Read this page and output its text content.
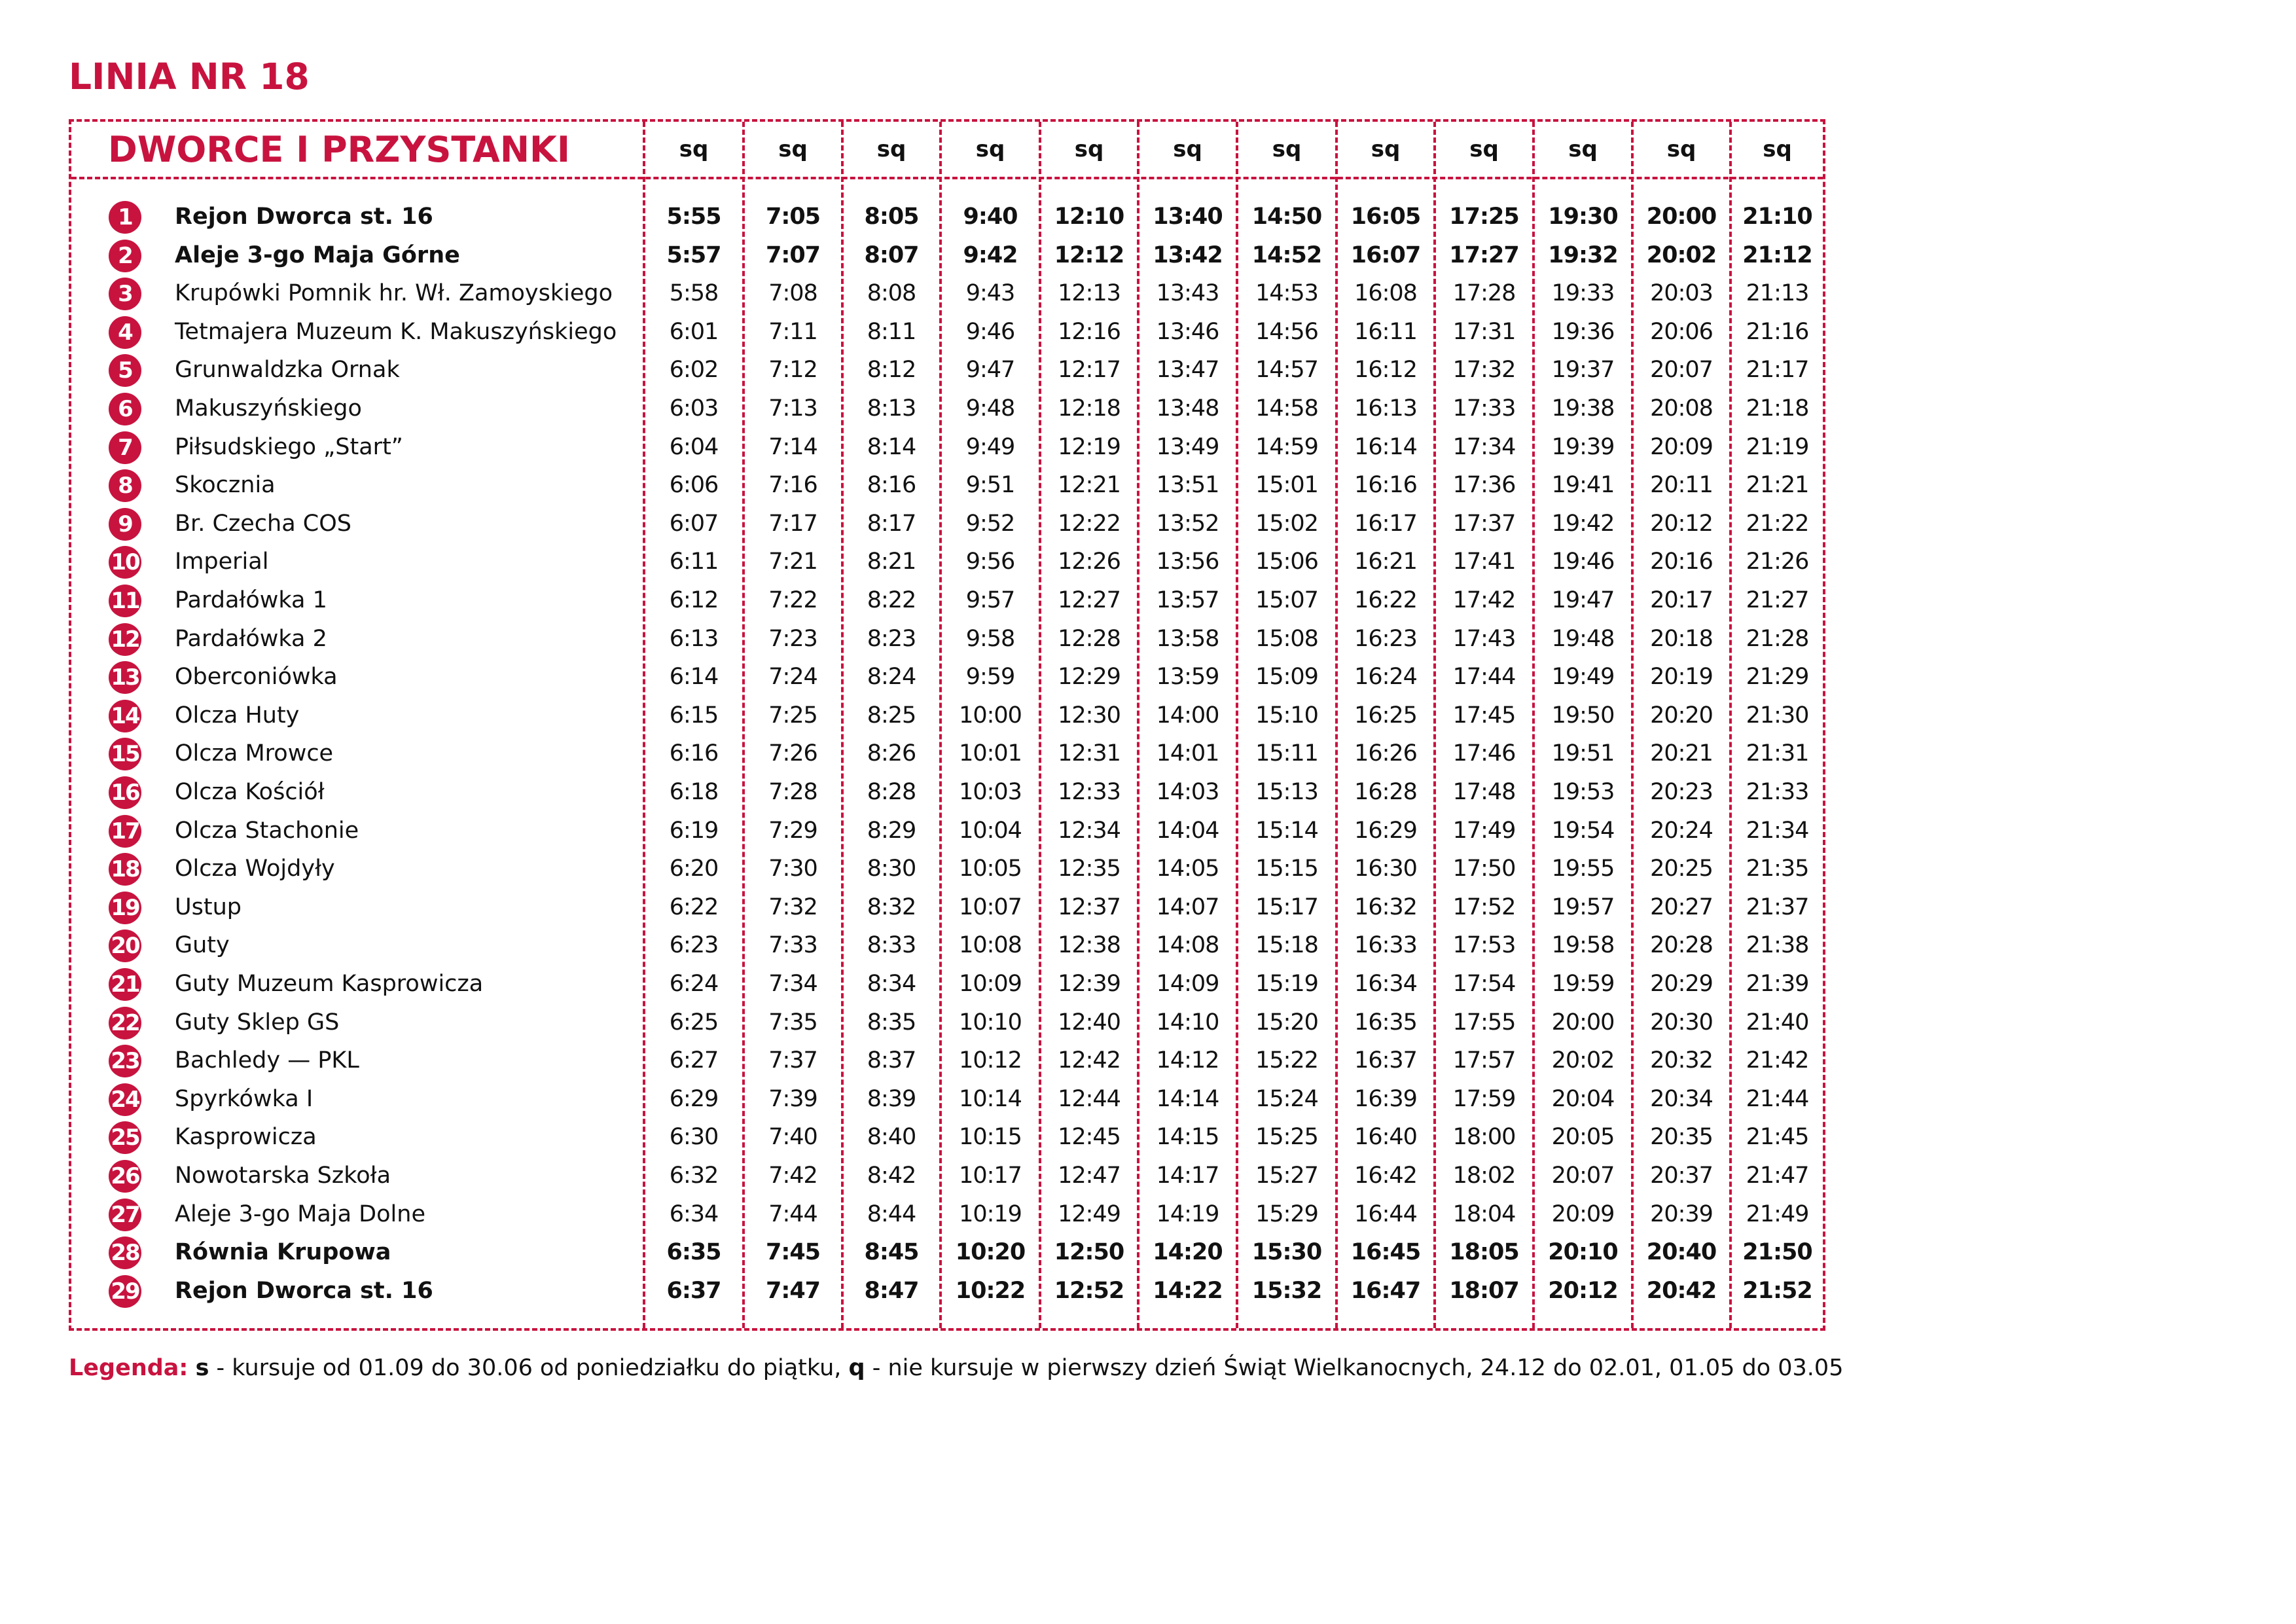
LINIA NR 18
DWORCE I PRZYSTANKI	sq	sq	sq	sq	sq	sq	sq	sq	sq	sq	sq	sq
1	Rejon Dworca st. 16	5:55	7:05	8:05	9:40	12:10	13:40	14:50	16:05	17:25	19:30	20:00	21:10
2	Aleje 3-go Maja Górne	5:57	7:07	8:07	9:42	12:12	13:42	14:52	16:07	17:27	19:32	20:02	21:12
3	Krupówki Pomnik hr. Wł. Zamoyskiego	5:58	7:08	8:08	9:43	12:13	13:43	14:53	16:08	17:28	19:33	20:03	21:13
4	Tetmajera Muzeum K. Makuszyńskiego	6:01	7:11	8:11	9:46	12:16	13:46	14:56	16:11	17:31	19:36	20:06	21:16
5	Grunwaldzka Ornak	6:02	7:12	8:12	9:47	12:17	13:47	14:57	16:12	17:32	19:37	20:07	21:17
6	Makuszyńskiego	6:03	7:13	8:13	9:48	12:18	13:48	14:58	16:13	17:33	19:38	20:08	21:18
7	Piłsudskiego „Start”	6:04	7:14	8:14	9:49	12:19	13:49	14:59	16:14	17:34	19:39	20:09	21:19
8	Skocznia	6:06	7:16	8:16	9:51	12:21	13:51	15:01	16:16	17:36	19:41	20:11	21:21
9	Br. Czecha COS	6:07	7:17	8:17	9:52	12:22	13:52	15:02	16:17	17:37	19:42	20:12	21:22
10 Imperial	6:11	7:21	8:21	9:56	12:26	13:56	15:06	16:21	17:41	19:46	20:16	21:26
11 Pardałówka 1	6:12	7:22	8:22	9:57	12:27	13:57	15:07	16:22	17:42	19:47	20:17	21:27
12 Pardałówka 2	6:13	7:23	8:23	9:58	12:28	13:58	15:08	16:23	17:43	19:48	20:18	21:28
13 Oberconiówka	6:14	7:24	8:24	9:59	12:29	13:59	15:09	16:24	17:44	19:49	20:19	21:29
14 Olcza Huty	6:15	7:25	8:25	10:00	12:30	14:00	15:10	16:25	17:45	19:50	20:20	21:30
15 Olcza Mrowce	6:16	7:26	8:26	10:01	12:31	14:01	15:11	16:26	17:46	19:51	20:21	21:31
16 Olcza Kościół	6:18	7:28	8:28	10:03	12:33	14:03	15:13	16:28	17:48	19:53	20:23	21:33
17 Olcza Stachonie	6:19	7:29	8:29	10:04	12:34	14:04	15:14	16:29	17:49	19:54	20:24	21:34
18 Olcza Wojdyły	6:20	7:30	8:30	10:05	12:35	14:05	15:15	16:30	17:50	19:55	20:25	21:35
19 Ustup	6:22	7:32	8:32	10:07	12:37	14:07	15:17	16:32	17:52	19:57	20:27	21:37
20 Guty	6:23	7:33	8:33	10:08	12:38	14:08	15:18	16:33	17:53	19:58	20:28	21:38
21 Guty Muzeum Kasprowicza	6:24	7:34	8:34	10:09	12:39	14:09	15:19	16:34	17:54	19:59	20:29	21:39
22 Guty Sklep GS	6:25	7:35	8:35	10:10	12:40	14:10	15:20	16:35	17:55	20:00	20:30	21:40
23 Bachledy — PKL	6:27	7:37	8:37	10:12	12:42	14:12	15:22	16:37	17:57	20:02	20:32	21:42
24 Spyrkówka I	6:29	7:39	8:39	10:14	12:44	14:14	15:24	16:39	17:59	20:04	20:34	21:44
25 Kasprowicza	6:30	7:40	8:40	10:15	12:45	14:15	15:25	16:40	18:00	20:05	20:35	21:45
26 Nowotarska Szkoła	6:32	7:42	8:42	10:17	12:47	14:17	15:27	16:42	18:02	20:07	20:37	21:47
27 Aleje 3-go Maja Dolne	6:34	7:44	8:44	10:19	12:49	14:19	15:29	16:44	18:04	20:09	20:39	21:49
28 Równia Krupowa	6:35	7:45	8:45	10:20	12:50	14:20	15:30	16:45	18:05	20:10	20:40	21:50
29 Rejon Dworca st. 16	6:37	7:47	8:47	10:22	12:52	14:22	15:32	16:47	18:07	20:12	20:42	21:52
Legenda: s - kursuje od 01.09 do 30.06 od poniedziałku do piątku, q - nie kursuje w pierwszy dzień Świąt Wielkanocnych, 24.12 do 02.01, 01.05 do 03.05
